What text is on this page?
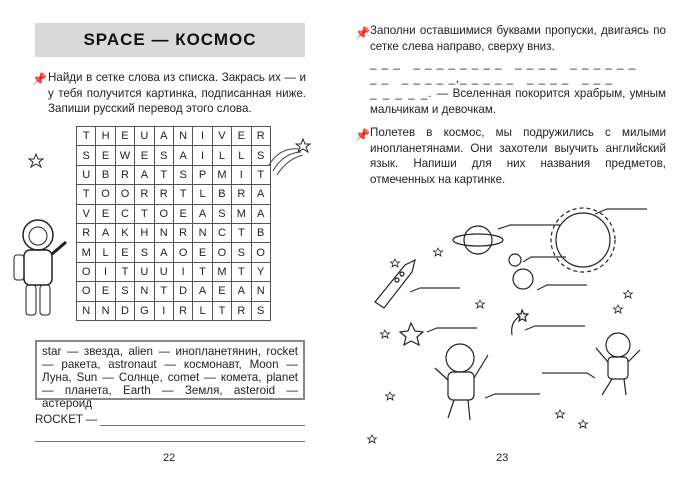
SPACE — КОСМОС
📌 Найди в сетке слова из списка. Закрась их — и у тебя получится картинка, подписанная ниже. Запиши русский перевод этого слова.
T	H	E	U	A	N	I	V	E	R
S	E	W	E	S	A	I	L	L	S
U	B	R	A	T	S	P	M	I	T
T	O	O	R	R	T	L	B	R	A
V	E	C	T	O	E	A	S	M	A
R	A	K	H	N	R	N	C	T	B
M	L	E	S	A	O	E	O	S	O
O	I	T	U	U	I	T	M	T	Y
O	E	S	N	T	D	A	E	A	N
N	N	D	G	I	R	L	T	R	S
star — звезда, alien — инопланетянин, rocket — ракета, astronaut — космонавт, Moon — Луна, Sun — Солнце, comet — комета, planet — планета, Earth — Земля, asteroid — астероид
ROCKET —
22
📌 Заполни оставшимися буквами пропуски, двигаясь по сетке слева направо, сверху вниз.
_ _ _   _ _ _ _ _ _ _ _   _ _ _ _   _ _ _ _ _ _
_ _   _ _ _ _ _,_ _ _ _ _   _ _ _ _   _ _ _
_ _ _ _ _. — Вселенная покорится храбрым, умным мальчикам и девочкам.
📌 Полетев в космос, мы подружились с милыми инопланетянами. Они захотели выучить английский язык. Напиши для них названия предметов, отмеченных на картинке.
23
